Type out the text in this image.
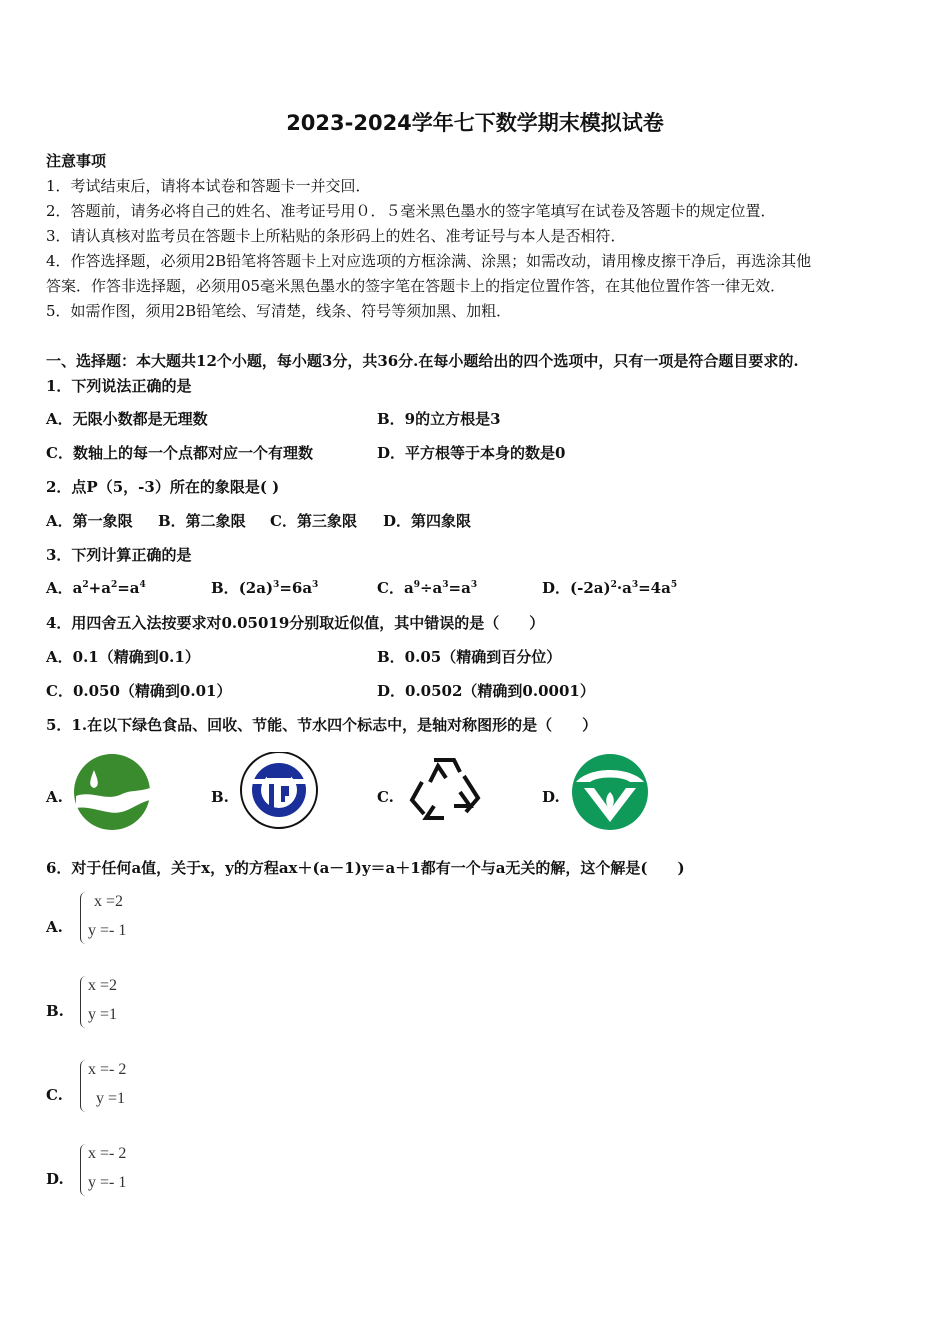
2023-2024学年七下数学期末模拟试卷
注意事项
1．考试结束后，请将本试卷和答题卡一并交回．
2．答题前，请务必将自己的姓名、准考证号用０．５毫米黑色墨水的签字笔填写在试卷及答题卡的规定位置．
3．请认真核对监考员在答题卡上所粘贴的条形码上的姓名、准考证号与本人是否相符．
4．作答选择题，必须用2B铅笔将答题卡上对应选项的方框涂满、涂黑；如需改动，请用橡皮擦干净后，再选涂其他
答案．作答非选择题，必须用05毫米黑色墨水的签字笔在答题卡上的指定位置作答，在其他位置作答一律无效．
5．如需作图，须用2B铅笔绘、写清楚，线条、符号等须加黑、加粗．
一、选择题：本大题共12个小题，每小题3分，共36分.在每小题给出的四个选项中，只有一项是符合题目要求的.
1．下列说法正确的是
A．无限小数都是无理数	B．9的立方根是3
C．数轴上的每一个点都对应一个有理数	D．平方根等于本身的数是0
2．点P（5，-3）所在的象限是( )
A．第一象限 B．第二象限 C．第三象限 D．第四象限
3．下列计算正确的是
A．$a^2+a^2=a^4$	B．$(2a)^3=6a^3$	C．$a^9\div a^3=a^3$	D．$(-2a)^2\cdot a^3=4a^5$
4．用四舍五入法按要求对0.05019分别取近似值，其中错误的是（　　）
A．0.1（精确到0.1）	B．0.05（精确到百分位）
C．0.050（精确到0.01）	D．0.0502（精确到0.0001）
5．1.在以下绿色食品、回收、节能、节水四个标志中，是轴对称图形的是（　　）
A.	B.	C.	D.
6．对于任何a值，关于x，y的方程ax＋(a－1)y＝a＋1都有一个与a无关的解，这个解是(　　)
A.
x =2
y =- 1
B.
x =2
y =1
C.
x =- 2
y =1
D.
x =- 2
y =- 1
